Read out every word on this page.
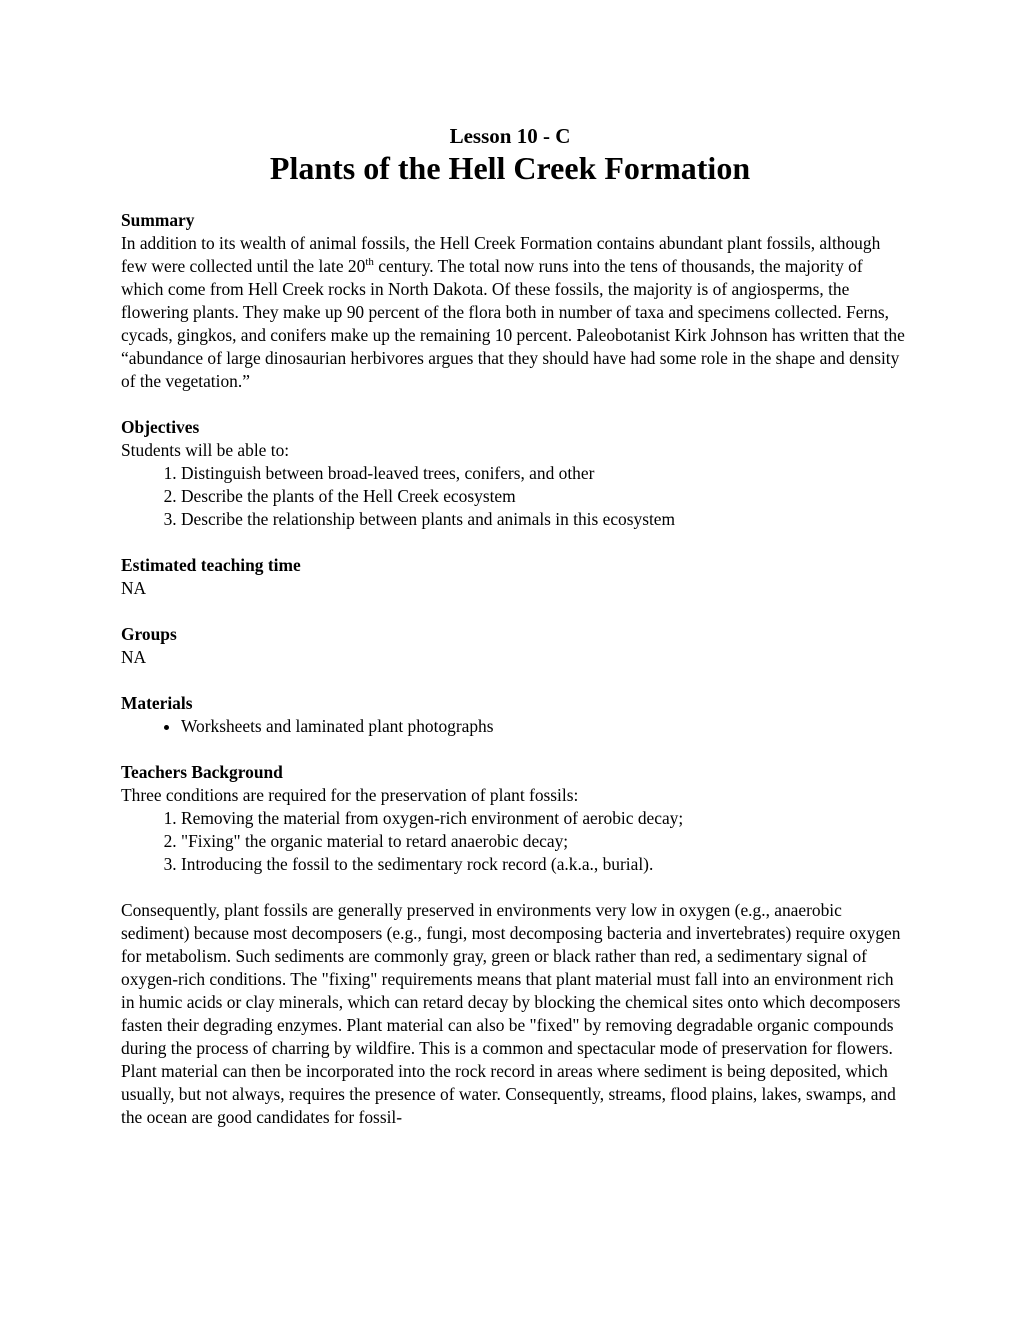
Lesson 10 - C
Plants of the Hell Creek Formation
Summary

In addition to its wealth of animal fossils, the Hell Creek Formation contains abundant plant fossils, although few were collected until the late 20th century. The total now runs into the tens of thousands, the majority of which come from Hell Creek rocks in North Dakota. Of these fossils, the majority is of angiosperms, the flowering plants. They make up 90 percent of the flora both in number of taxa and specimens collected. Ferns, cycads, gingkos, and conifers make up the remaining 10 percent. Paleobotanist Kirk Johnson has written that the “abundance of large dinosaurian herbivores argues that they should have had some role in the shape and density of the vegetation.”

Objectives

Students will be able to:

1. Distinguish between broad-leaved trees, conifers, and other
2. Describe the plants of the Hell Creek ecosystem
3. Describe the relationship between plants and animals in this ecosystem
Estimated teaching time

NA

Groups

NA

Materials
• Worksheets and laminated plant photographs
Teachers Background

Three conditions are required for the preservation of plant fossils:

1. Removing the material from oxygen-rich environment of aerobic decay;
2. "Fixing" the organic material to retard anaerobic decay;
3. Introducing the fossil to the sedimentary rock record (a.k.a., burial).

Consequently, plant fossils are generally preserved in environments very low in oxygen (e.g., anaerobic sediment) because most decomposers (e.g., fungi, most decomposing bacteria and invertebrates) require oxygen for metabolism. Such sediments are commonly gray, green or black rather than red, a sedimentary signal of oxygen-rich conditions. The "fixing" requirements means that plant material must fall into an environment rich in humic acids or clay minerals, which can retard decay by blocking the chemical sites onto which decomposers fasten their degrading enzymes. Plant material can also be "fixed" by removing degradable organic compounds during the process of charring by wildfire. This is a common and spectacular mode of preservation for flowers. Plant material can then be incorporated into the rock record in areas where sediment is being deposited, which usually, but not always, requires the presence of water. Consequently, streams, flood plains, lakes, swamps, and the ocean are good candidates for fossil-
